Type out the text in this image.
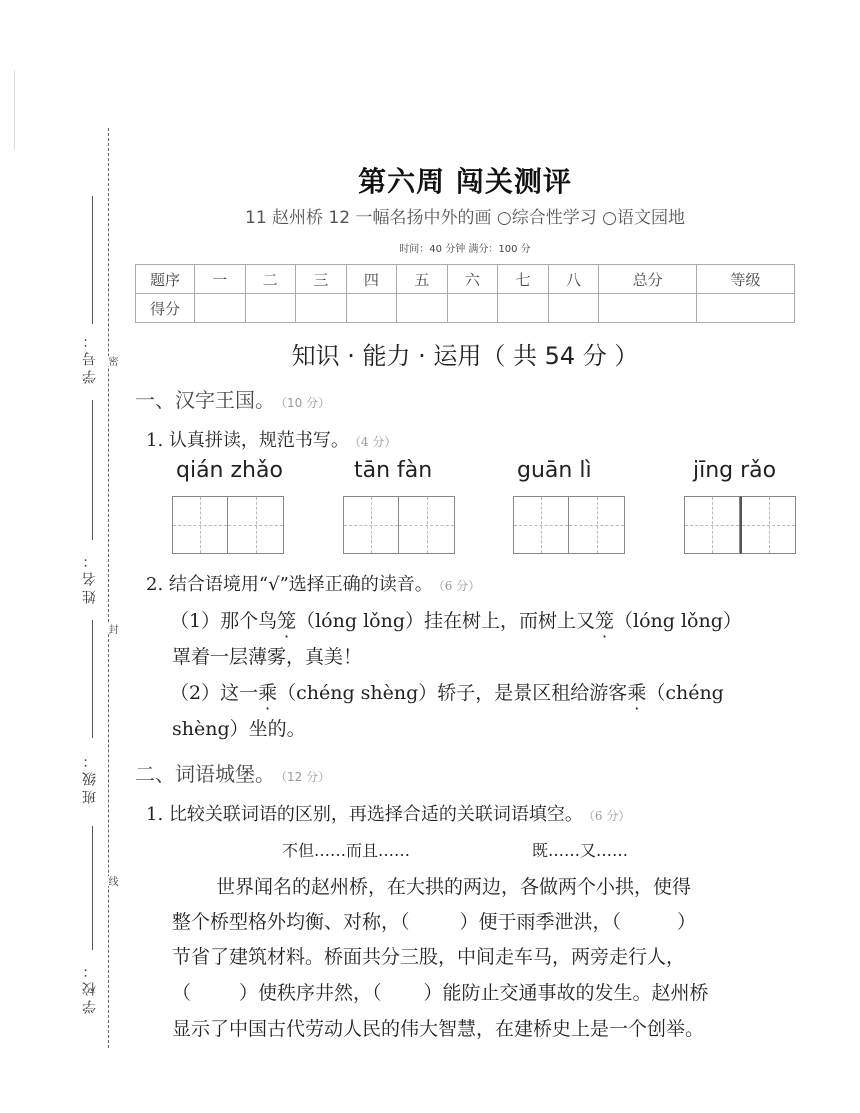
学号： 密
姓名：
封
班级：
线
学校：
第六周 闯关测评
11 赵州桥 12 一幅名扬中外的画 ○综合性学习 ○语文园地
时间：40 分钟 满分：100 分
题序	一	二	三	四	五	六	七	八	总分	等级
得分										
知识 · 能力 · 运用（ 共 54 分 ）
一、汉字王国。 （10 分）
1. 认真拼读，规范书写。 （4 分）
qián zhǎo	tān fàn	guān lì	jīng rǎo
2. 结合语境用“√”选择正确的读音。 （6 分）
（1）那个鸟笼（lóng lǒng）挂在树上，而树上又笼（lóng lǒng）
罩着一层薄雾，真美！
（2）这一乘（chéng shèng）轿子，是景区租给游客乘（chéng
shèng）坐的。
二、词语城堡。 （12 分）
1. 比较关联词语的区别，再选择合适的关联词语填空。 （6 分）
不但……而且……	既……又……
世界闻名的赵州桥，在大拱的两边，各做两个小拱，使得
整个桥型格外均衡、对称，（	）便于雨季泄洪，（	）
节省了建筑材料。桥面共分三股，中间走车马，两旁走行人，
（	）使秩序井然，（ ）能防止交通事故的发生。赵州桥
显示了中国古代劳动人民的伟大智慧，在建桥史上是一个创举。
